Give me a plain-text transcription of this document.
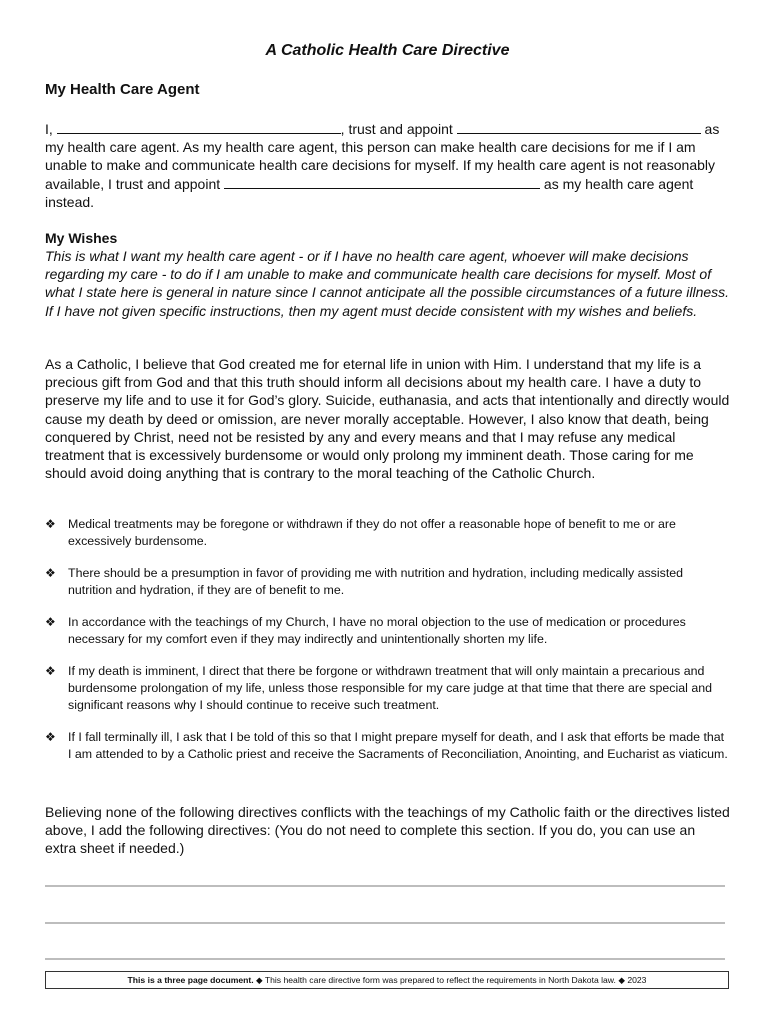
A Catholic Health Care Directive
My Health Care Agent
I,	, trust and appoint	as my health care agent. As my health care agent, this person can make health care decisions for me if I am unable to make and communicate health care decisions for myself. If my health care agent is not reasonably available, I trust and appoint	as my health care agent instead.
My Wishes
This is what I want my health care agent - or if I have no health care agent, whoever will make decisions regarding my care - to do if I am unable to make and communicate health care decisions for myself. Most of what I state here is general in nature since I cannot anticipate all the possible circumstances of a future illness. If I have not given specific instructions, then my agent must decide consistent with my wishes and beliefs.
As a Catholic, I believe that God created me for eternal life in union with Him. I understand that my life is a precious gift from God and that this truth should inform all decisions about my health care. I have a duty to preserve my life and to use it for God’s glory. Suicide, euthanasia, and acts that intentionally and directly would cause my death by deed or omission, are never morally acceptable. However, I also know that death, being conquered by Christ, need not be resisted by any and every means and that I may refuse any medical treatment that is excessively burdensome or would only prolong my imminent death. Those caring for me should avoid doing anything that is contrary to the moral teaching of the Catholic Church.
❖ Medical treatments may be foregone or withdrawn if they do not offer a reasonable hope of benefit to me or are excessively burdensome.
❖ There should be a presumption in favor of providing me with nutrition and hydration, including medically assisted nutrition and hydration, if they are of benefit to me.
❖ In accordance with the teachings of my Church, I have no moral objection to the use of medication or procedures necessary for my comfort even if they may indirectly and unintentionally shorten my life.
❖ If my death is imminent, I direct that there be forgone or withdrawn treatment that will only maintain a precarious and burdensome prolongation of my life, unless those responsible for my care judge at that time that there are special and significant reasons why I should continue to receive such treatment.
❖ If I fall terminally ill, I ask that I be told of this so that I might prepare myself for death, and I ask that efforts be made that I am attended to by a Catholic priest and receive the Sacraments of Reconciliation, Anointing, and Eucharist as viaticum.
Believing none of the following directives conflicts with the teachings of my Catholic faith or the directives listed above, I add the following directives: (You do not need to complete this section. If you do, you can use an extra sheet if needed.)
This is a three page document. ◆ This health care directive form was prepared to reflect the requirements in North Dakota law. ◆ 2023
